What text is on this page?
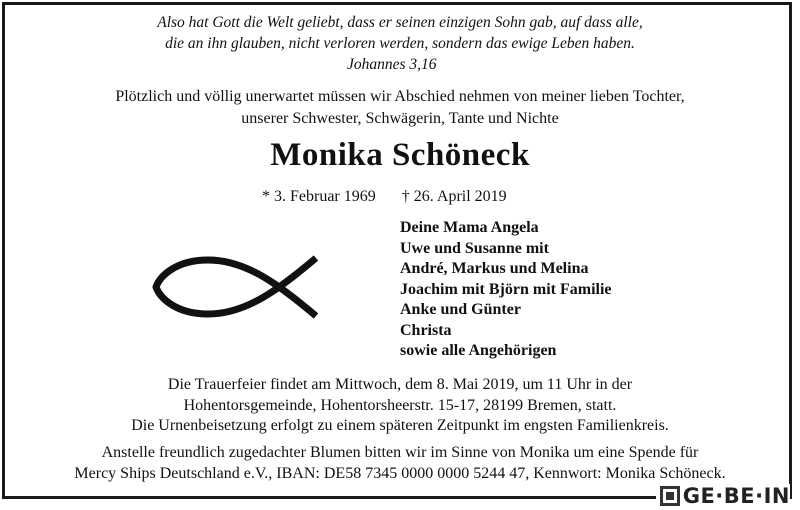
Also hat Gott die Welt geliebt, dass er seinen einzigen Sohn gab, auf dass alle,
die an ihn glauben, nicht verloren werden, sondern das ewige Leben haben.
Johannes 3,16
Plötzlich und völlig unerwartet müssen wir Abschied nehmen von meiner lieben Tochter,
unserer Schwester, Schwägerin, Tante und Nichte
Monika Schöneck
* 3. Februar 1969 † 26. April 2019
Deine Mama Angela
Uwe und Susanne mit
André, Markus und Melina
Joachim mit Björn mit Familie
Anke und Günter
Christa
sowie alle Angehörigen
Die Trauerfeier findet am Mittwoch, dem 8. Mai 2019, um 11 Uhr in der
Hohentorsgemeinde, Hohentorsheerstr. 15-17, 28199 Bremen, statt.
Die Urnenbeisetzung erfolgt zu einem späteren Zeitpunkt im engsten Familienkreis.
Anstelle freundlich zugedachter Blumen bitten wir im Sinne von Monika um eine Spende für
Mercy Ships Deutschland e.V., IBAN: DE58 7345 0000 0000 5244 47, Kennwort: Monika Schöneck.
GE·BE·IN
